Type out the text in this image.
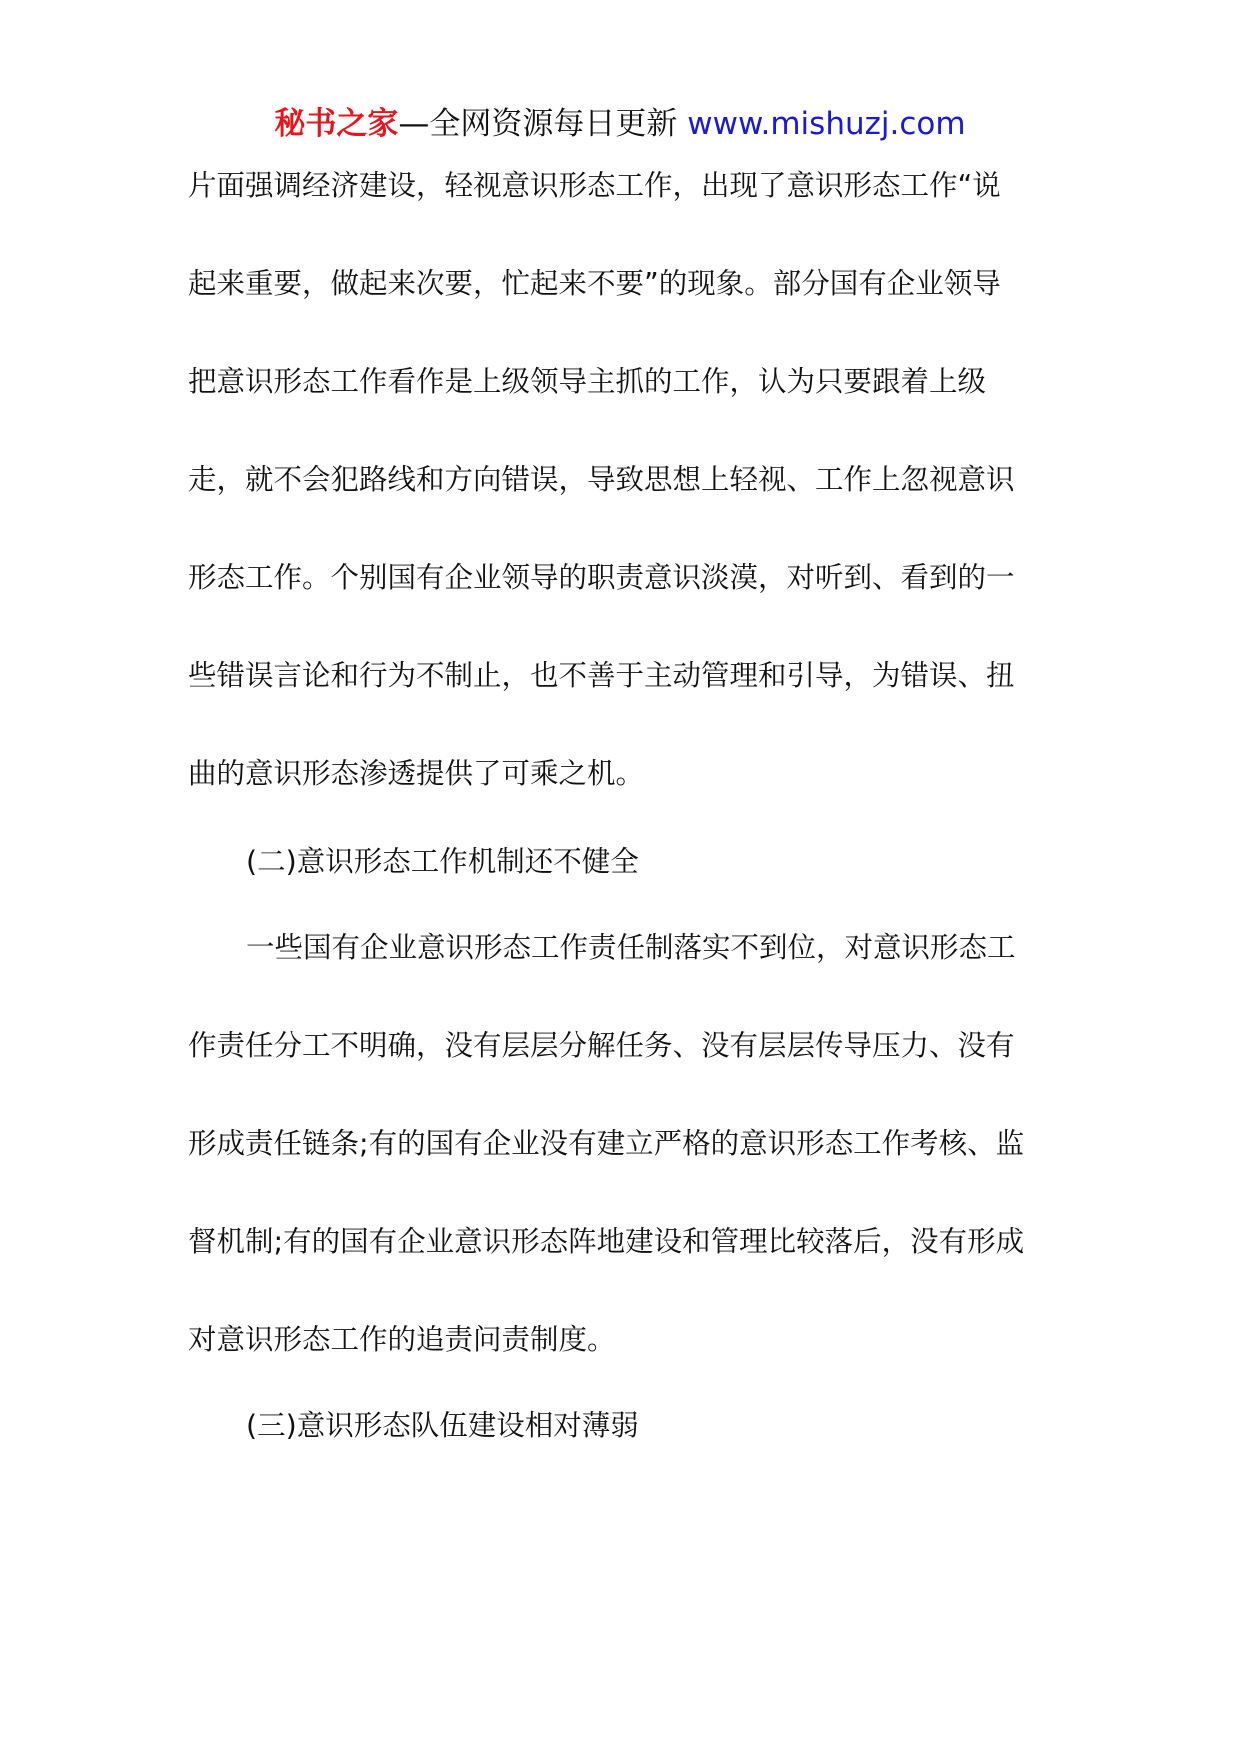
秘书之家—全网资源每日更新 www.mishuzj.com
片面强调经济建设，轻视意识形态工作，出现了意识形态工作“说
起来重要，做起来次要，忙起来不要”的现象。部分国有企业领导
把意识形态工作看作是上级领导主抓的工作，认为只要跟着上级
走，就不会犯路线和方向错误，导致思想上轻视、工作上忽视意识
形态工作。个别国有企业领导的职责意识淡漠，对听到、看到的一
些错误言论和行为不制止，也不善于主动管理和引导，为错误、扭
曲的意识形态渗透提供了可乘之机。
(二)意识形态工作机制还不健全
一些国有企业意识形态工作责任制落实不到位，对意识形态工
作责任分工不明确，没有层层分解任务、没有层层传导压力、没有
形成责任链条;有的国有企业没有建立严格的意识形态工作考核、监
督机制;有的国有企业意识形态阵地建设和管理比较落后，没有形成
对意识形态工作的追责问责制度。
(三)意识形态队伍建设相对薄弱
